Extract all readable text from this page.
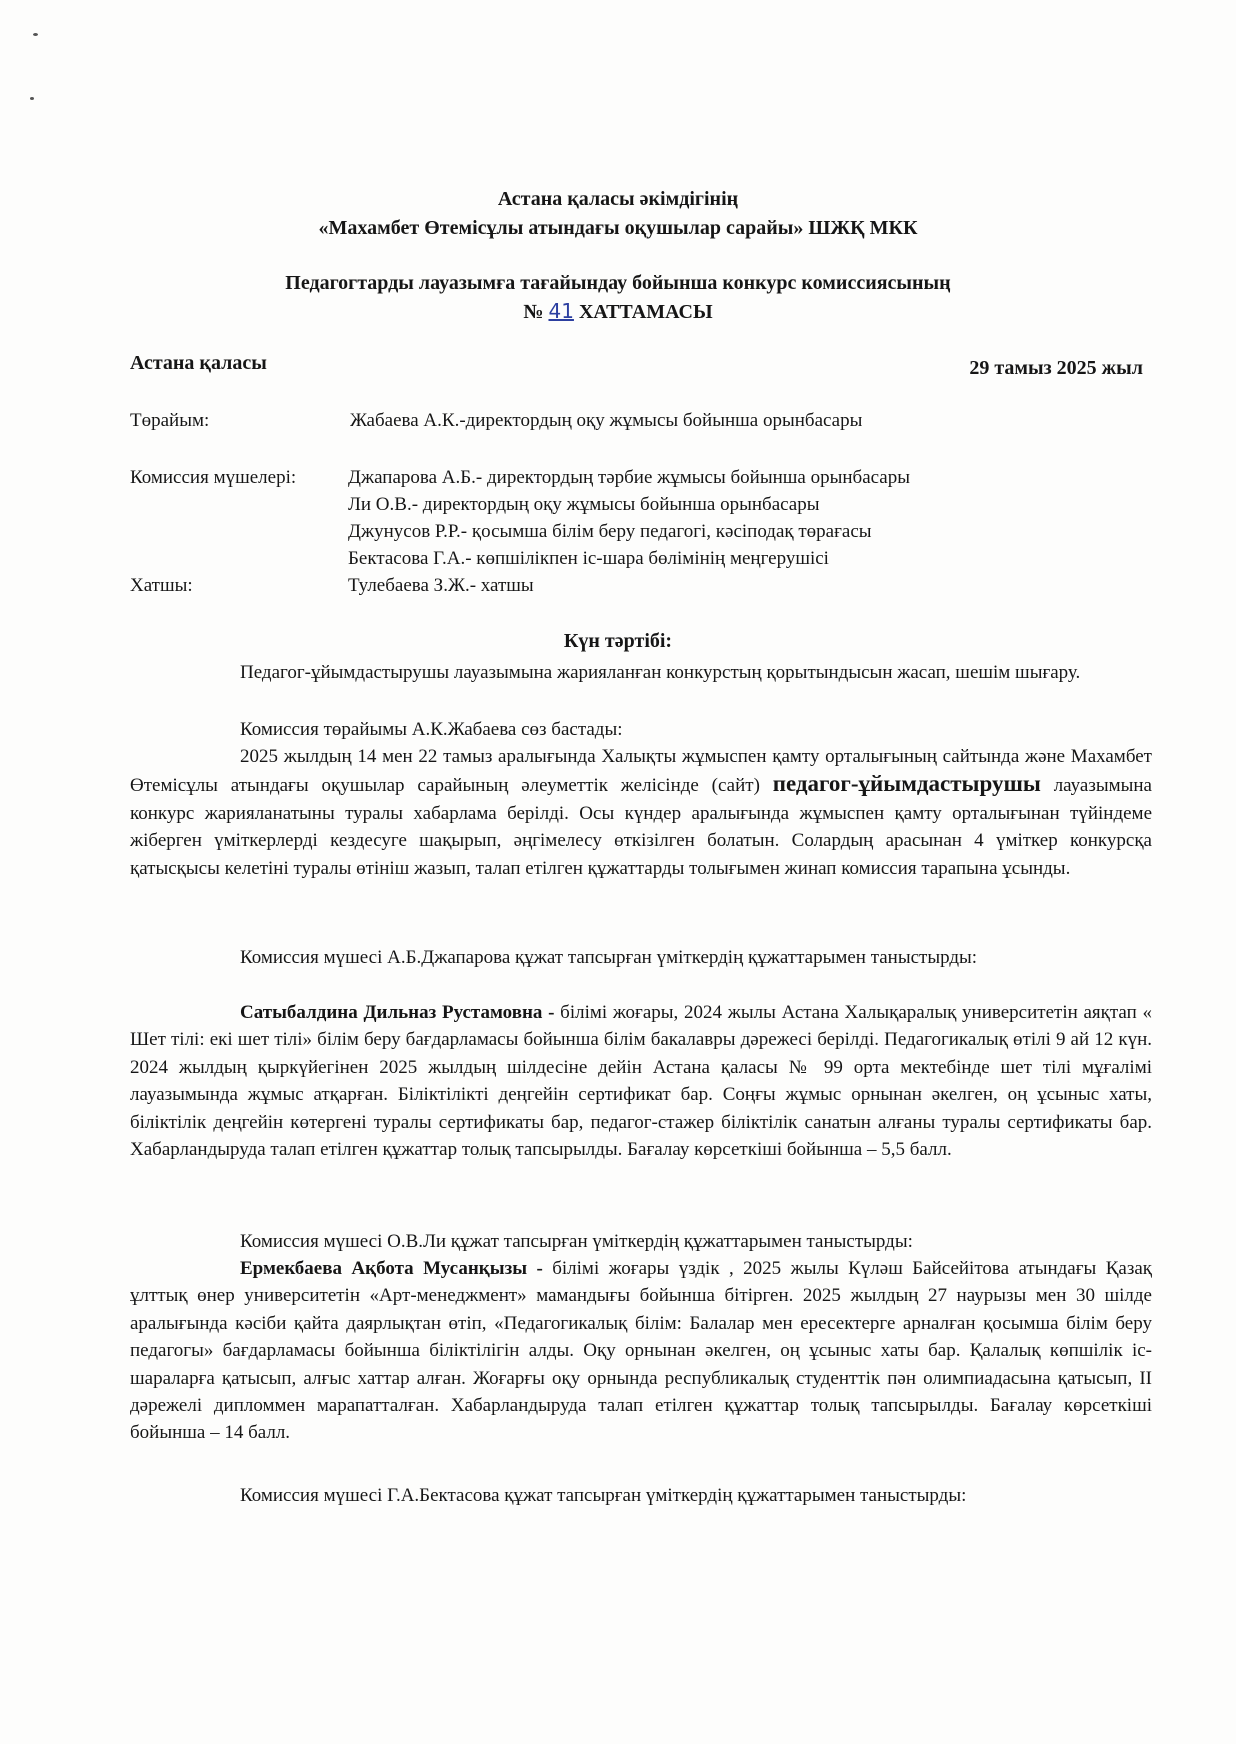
Астана қаласы әкімдігінің
«Махамбет Өтемісұлы атындағы оқушылар сарайы» ШЖҚ МКК
Педагогтарды лауазымға тағайындау бойынша конкурс комиссиясының
№ 41 ХАТТАМАСЫ
Астана қаласы	29 тамыз 2025 жыл
Төрайым:	Жабаева А.К.-директордың оқу жұмысы бойынша орынбасары
Комиссия мүшелері:	Джапарова А.Б.- директордың тәрбие жұмысы бойынша орынбасары
Ли О.В.- директордың оқу жұмысы бойынша орынбасары
Джунусов Р.Р.- қосымша білім беру педагогі, кәсіподақ төрағасы
Бектасова Г.А.- көпшілікпен іс-шара бөлімінің меңгерушісі
Хатшы:	Тулебаева З.Ж.- хатшы
Күн тәртібі:
Педагог-ұйымдастырушы лауазымына жарияланған конкурстың қорытындысын жасап, шешім шығару.
Комиссия төрайымы А.К.Жабаева сөз бастады:
2025 жылдың 14 мен 22 тамыз аралығында Халықты жұмыспен қамту орталығының сайтында және Махамбет Өтемісұлы атындағы оқушылар сарайының әлеуметтік желісінде (сайт) педагог-ұйымдастырушы лауазымына конкурс жарияланатыны туралы хабарлама берілді. Осы күндер аралығында жұмыспен қамту орталығынан түйіндеме жіберген үміткерлерді кездесуге шақырып, әңгімелесу өткізілген болатын. Солардың арасынан 4 үміткер конкурсқа қатысқысы келетіні туралы өтініш жазып, талап етілген құжаттарды толығымен жинап комиссия тарапына ұсынды.
Комиссия мүшесі А.Б.Джапарова құжат тапсырған үміткердің құжаттарымен таныстырды:
Сатыбалдина Дильназ Рустамовна - білімі жоғары, 2024 жылы Астана Халықаралық университетін аяқтап « Шет тілі: екі шет тілі» білім беру бағдарламасы бойынша білім бакалавры дәрежесі берілді. Педагогикалық өтілі 9 ай 12 күн. 2024 жылдың қыркүйегінен 2025 жылдың шілдесіне дейін Астана қаласы № 99 орта мектебінде шет тілі мұғалімі лауазымында жұмыс атқарған. Біліктілікті деңгейін сертификат бар. Соңғы жұмыс орнынан әкелген, оң ұсыныс хаты, біліктілік деңгейін көтергені туралы сертификаты бар, педагог-стажер біліктілік санатын алғаны туралы сертификаты бар. Хабарландыруда талап етілген құжаттар толық тапсырылды. Бағалау көрсеткіші бойынша – 5,5 балл.
Комиссия мүшесі О.В.Ли құжат тапсырған үміткердің құжаттарымен таныстырды:
Ермекбаева Ақбота Мусанқызы - білімі жоғары үздік , 2025 жылы Күләш Байсейітова атындағы Қазақ ұлттық өнер университетін «Арт-менеджмент» мамандығы бойынша бітірген. 2025 жылдың 27 наурызы мен 30 шілде аралығында кәсіби қайта даярлықтан өтіп, «Педагогикалық білім: Балалар мен ересектерге арналған қосымша білім беру педагогы» бағдарламасы бойынша біліктілігін алды. Оқу орнынан әкелген, оң ұсыныс хаты бар. Қалалық көпшілік іс-шараларға қатысып, алғыс хаттар алған. Жоғарғы оқу орнында республикалық студенттік пән олимпиадасына қатысып, ІІ дәрежелі дипломмен марапатталған. Хабарландыруда талап етілген құжаттар толық тапсырылды. Бағалау көрсеткіші бойынша – 14 балл.
Комиссия мүшесі Г.А.Бектасова құжат тапсырған үміткердің құжаттарымен таныстырды:
